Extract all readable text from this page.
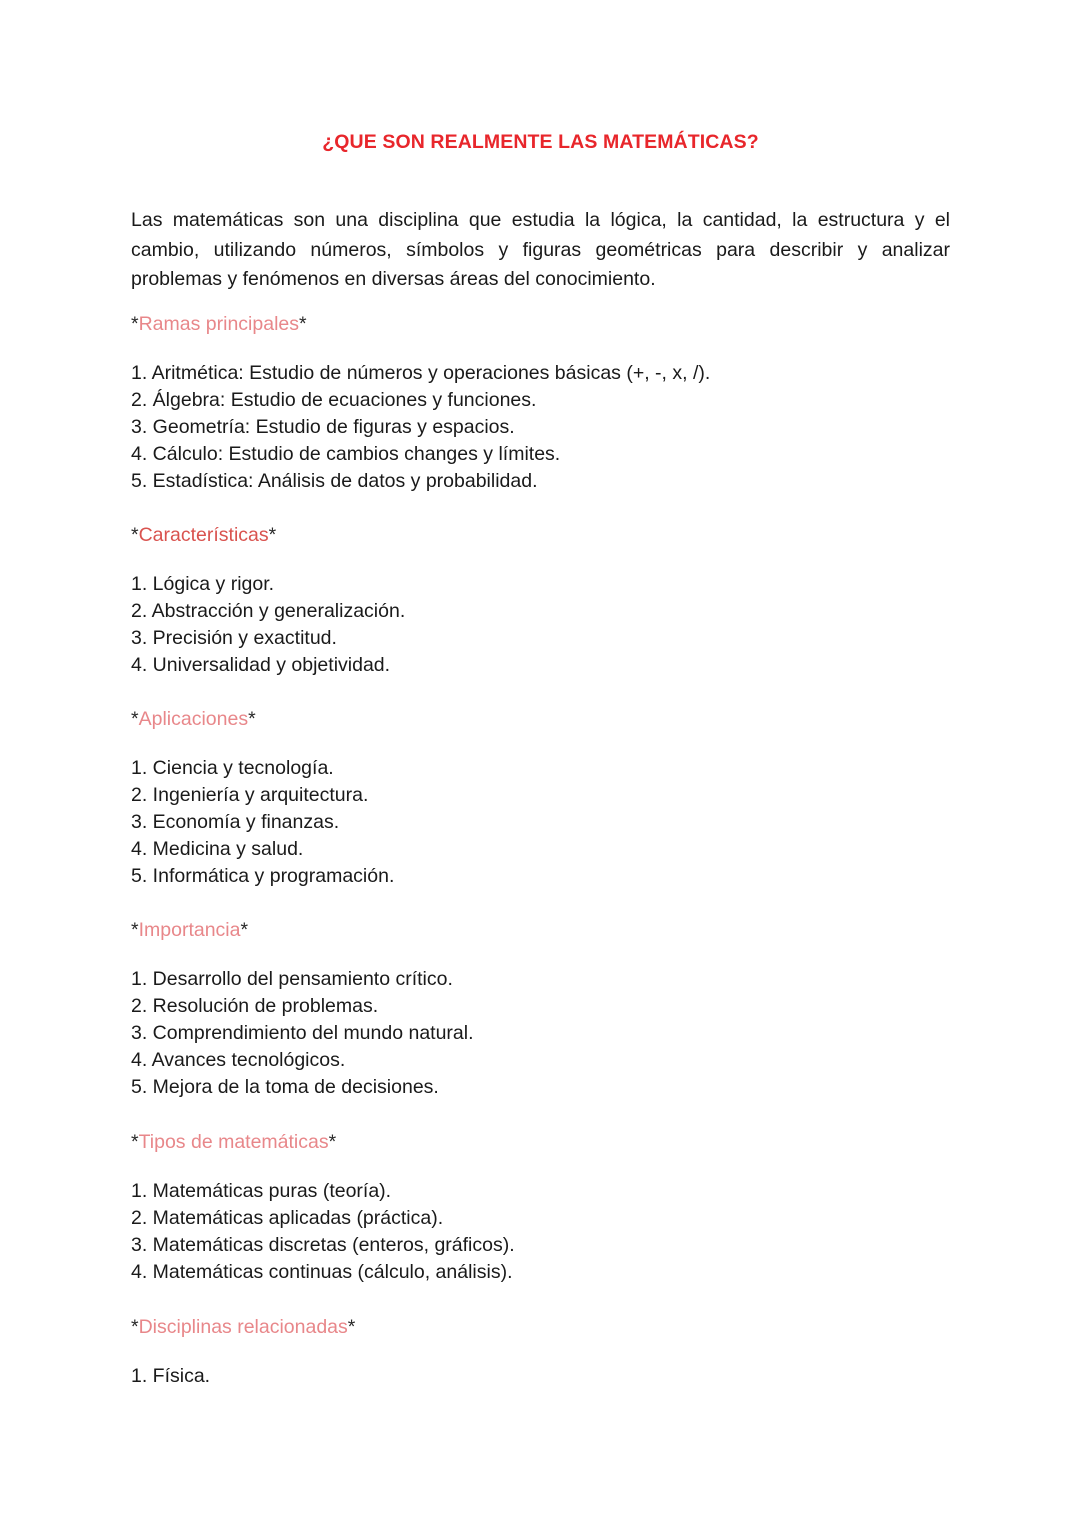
¿QUE SON REALMENTE LAS MATEMÁTICAS?

Las matemáticas son una disciplina que estudia la lógica, la cantidad, la estructura y el cambio, utilizando números, símbolos y figuras geométricas para describir y analizar problemas y fenómenos en diversas áreas del conocimiento.

*Ramas principales*
1. Aritmética: Estudio de números y operaciones básicas (+, -, x, /).
2. Álgebra: Estudio de ecuaciones y funciones.
3. Geometría: Estudio de figuras y espacios.
4. Cálculo: Estudio de cambios changes y límites.
5. Estadística: Análisis de datos y probabilidad.
*Características*
1. Lógica y rigor.
2. Abstracción y generalización.
3. Precisión y exactitud.
4. Universalidad y objetividad.
*Aplicaciones*
1. Ciencia y tecnología.
2. Ingeniería y arquitectura.
3. Economía y finanzas.
4. Medicina y salud.
5. Informática y programación.
*Importancia*
1. Desarrollo del pensamiento crítico.
2. Resolución de problemas.
3. Comprendimiento del mundo natural.
4. Avances tecnológicos.
5. Mejora de la toma de decisiones.
*Tipos de matemáticas*
1. Matemáticas puras (teoría).
2. Matemáticas aplicadas (práctica).
3. Matemáticas discretas (enteros, gráficos).
4. Matemáticas continuas (cálculo, análisis).
*Disciplinas relacionadas*
1. Física.
